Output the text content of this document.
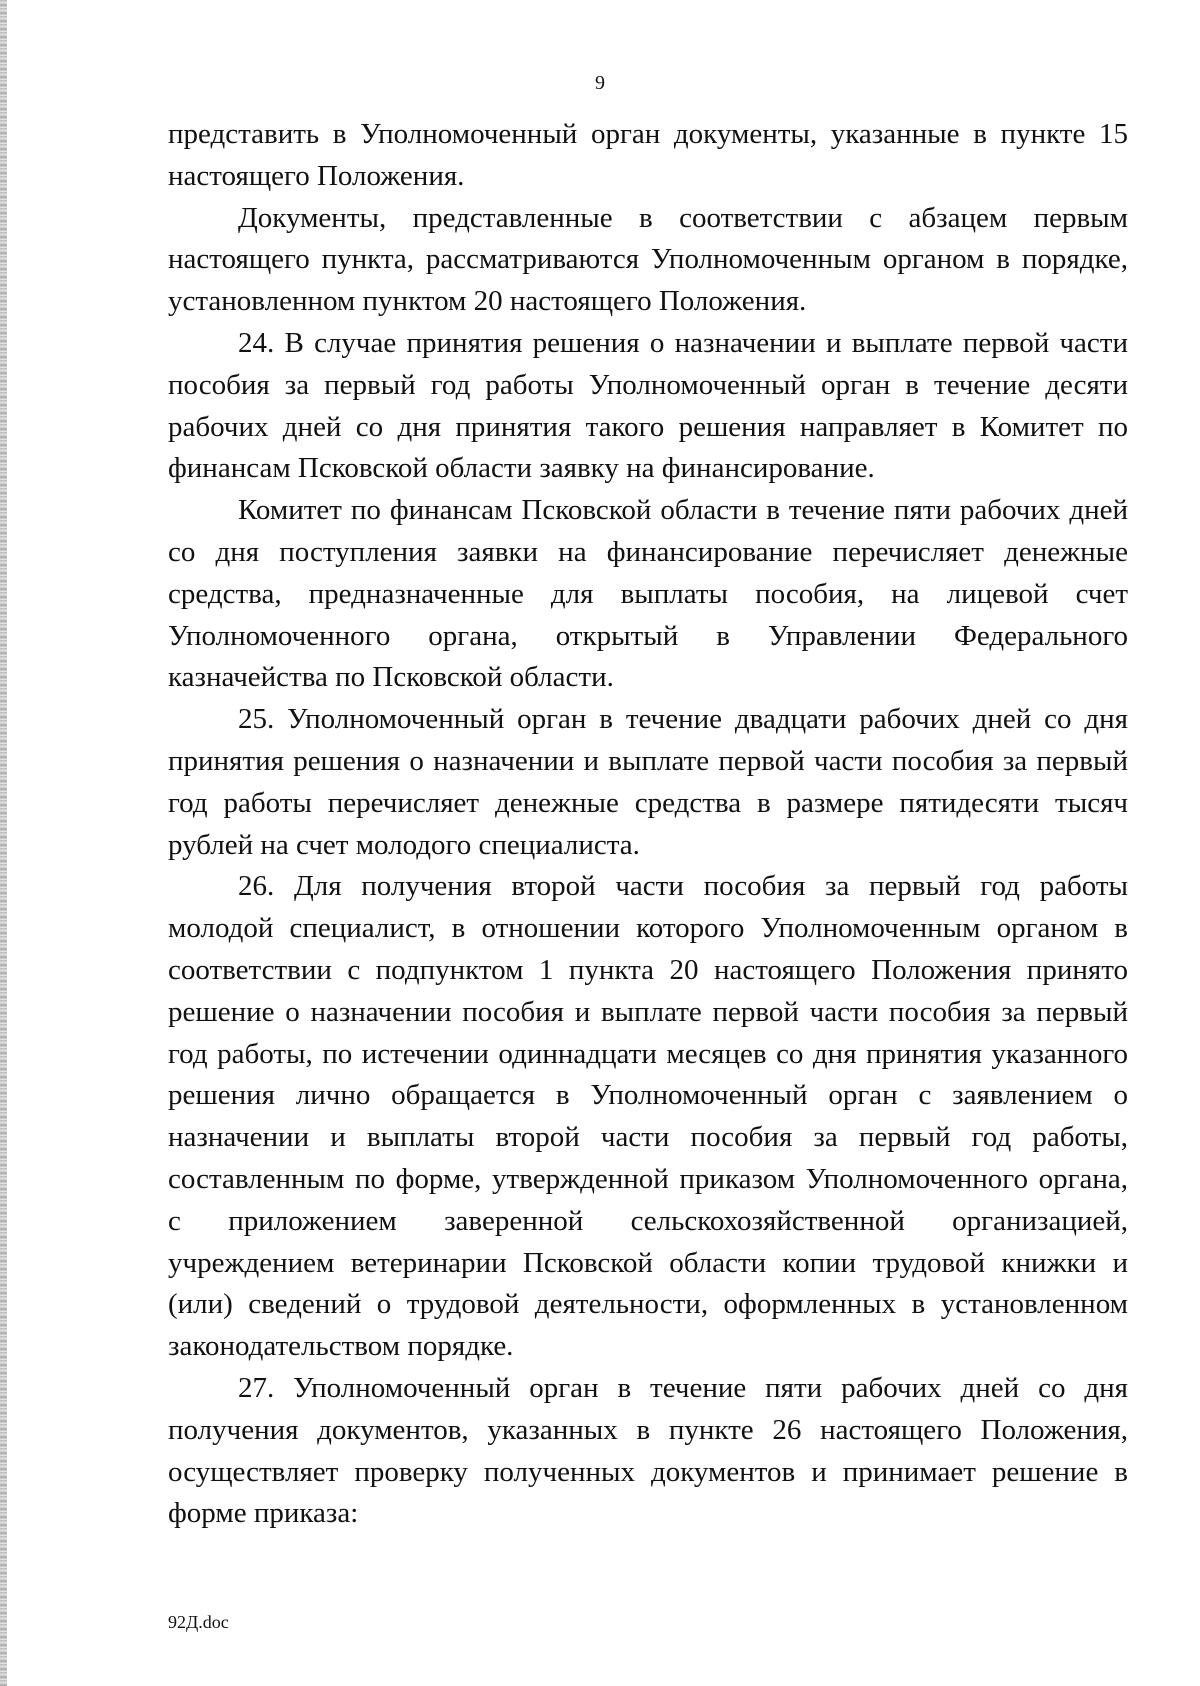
9

представить в Уполномоченный орган документы, указанные в пункте 15 настоящего Положения.

Документы, представленные в соответствии с абзацем первым настоящего пункта, рассматриваются Уполномоченным органом в порядке, установленном пунктом 20 настоящего Положения.

24. В случае принятия решения о назначении и выплате первой части пособия за первый год работы Уполномоченный орган в течение десяти рабочих дней со дня принятия такого решения направляет в Комитет по финансам Псковской области заявку на финансирование.

Комитет по финансам Псковской области в течение пяти рабочих дней со дня поступления заявки на финансирование перечисляет денежные средства, предназначенные для выплаты пособия, на лицевой счет Уполномоченного органа, открытый в Управлении Федерального казначейства по Псковской области.

25. Уполномоченный орган в течение двадцати рабочих дней со дня принятия решения о назначении и выплате первой части пособия за первый год работы перечисляет денежные средства в размере пятидесяти тысяч рублей на счет молодого специалиста.

26. Для получения второй части пособия за первый год работы молодой специалист, в отношении которого Уполномоченным органом в соответствии с подпунктом 1 пункта 20 настоящего Положения принято решение о назначении пособия и выплате первой части пособия за первый год работы, по истечении одиннадцати месяцев со дня принятия указанного решения лично обращается в Уполномоченный орган с заявлением о назначении и выплаты второй части пособия за первый год работы, составленным по форме, утвержденной приказом Уполномоченного органа, с приложением заверенной сельскохозяйственной организацией, учреждением ветеринарии Псковской области копии трудовой книжки и (или) сведений о трудовой деятельности, оформленных в установленном законодательством порядке.

27. Уполномоченный орган в течение пяти рабочих дней со дня получения документов, указанных в пункте 26 настоящего Положения, осуществляет проверку полученных документов и принимает решение в форме приказа:

92Д.doc
